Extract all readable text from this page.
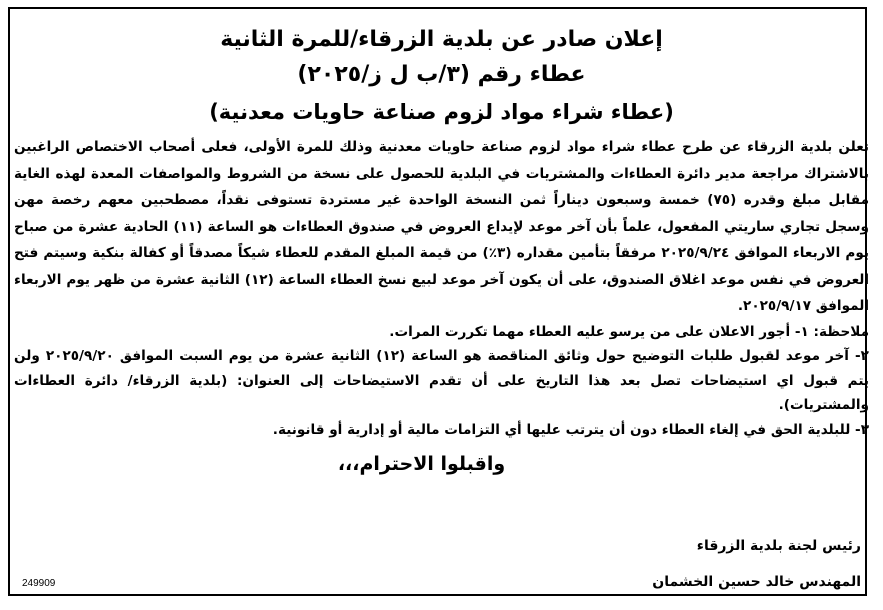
إعلان صادر عن بلدية الزرقاء/للمرة الثانية
عطاء رقم (٣/ب ل ز/٢٠٢٥)
(عطاء شراء مواد لزوم صناعة حاويات معدنية)

تعلن بلدية الزرقاء عن طرح عطاء شراء مواد لزوم صناعة حاويات معدنية وذلك للمرة الأولى، فعلى أصحاب الاختصاص الراغبين بالاشتراك مراجعة مدير دائرة العطاءات والمشتريات في البلدية للحصول على نسخة من الشروط والمواصفات المعدة لهذه الغاية مقابل مبلغ وقدره (٧٥) خمسة وسبعون ديناراً ثمن النسخة الواحدة غير مستردة تستوفى نقداً، مصطحبين معهم رخصة مهن وسجل تجاري ساريتي المفعول، علماً بأن آخر موعد لإيداع العروض في صندوق العطاءات هو الساعة (١١) الحادية عشرة من صباح يوم الاربعاء الموافق ٢٠٢٥/٩/٢٤ مرفقاً بتأمين مقداره (٣٪) من قيمة المبلغ المقدم للعطاء شيكاً مصدقاً أو كفالة بنكية وسيتم فتح العروض في نفس موعد اغلاق الصندوق، على أن يكون آخر موعد لبيع نسخ العطاء الساعة (١٢) الثانية عشرة من ظهر يوم الاربعاء الموافق ٢٠٢٥/٩/١٧.

ملاحظة: ١- أجور الاعلان على من يرسو عليه العطاء مهما تكررت المرات.

٢- آخر موعد لقبول طلبات التوضيح حول وثائق المناقصة هو الساعة (١٢) الثانية عشرة من يوم السبت الموافق ٢٠٢٥/٩/٢٠ ولن يتم قبول اي استيضاحات تصل بعد هذا التاريخ على أن تقدم الاستيضاحات إلى العنوان: (بلدية الزرقاء/ دائرة العطاءات والمشتريات).

٣- للبلدية الحق في إلغاء العطاء دون أن يترتب عليها أي التزامات مالية أو إدارية أو قانونية.

واقبلوا الاحترام،،،

رئيس لجنة بلدية الزرقاء
المهندس خالد حسين الخشمان
249909
